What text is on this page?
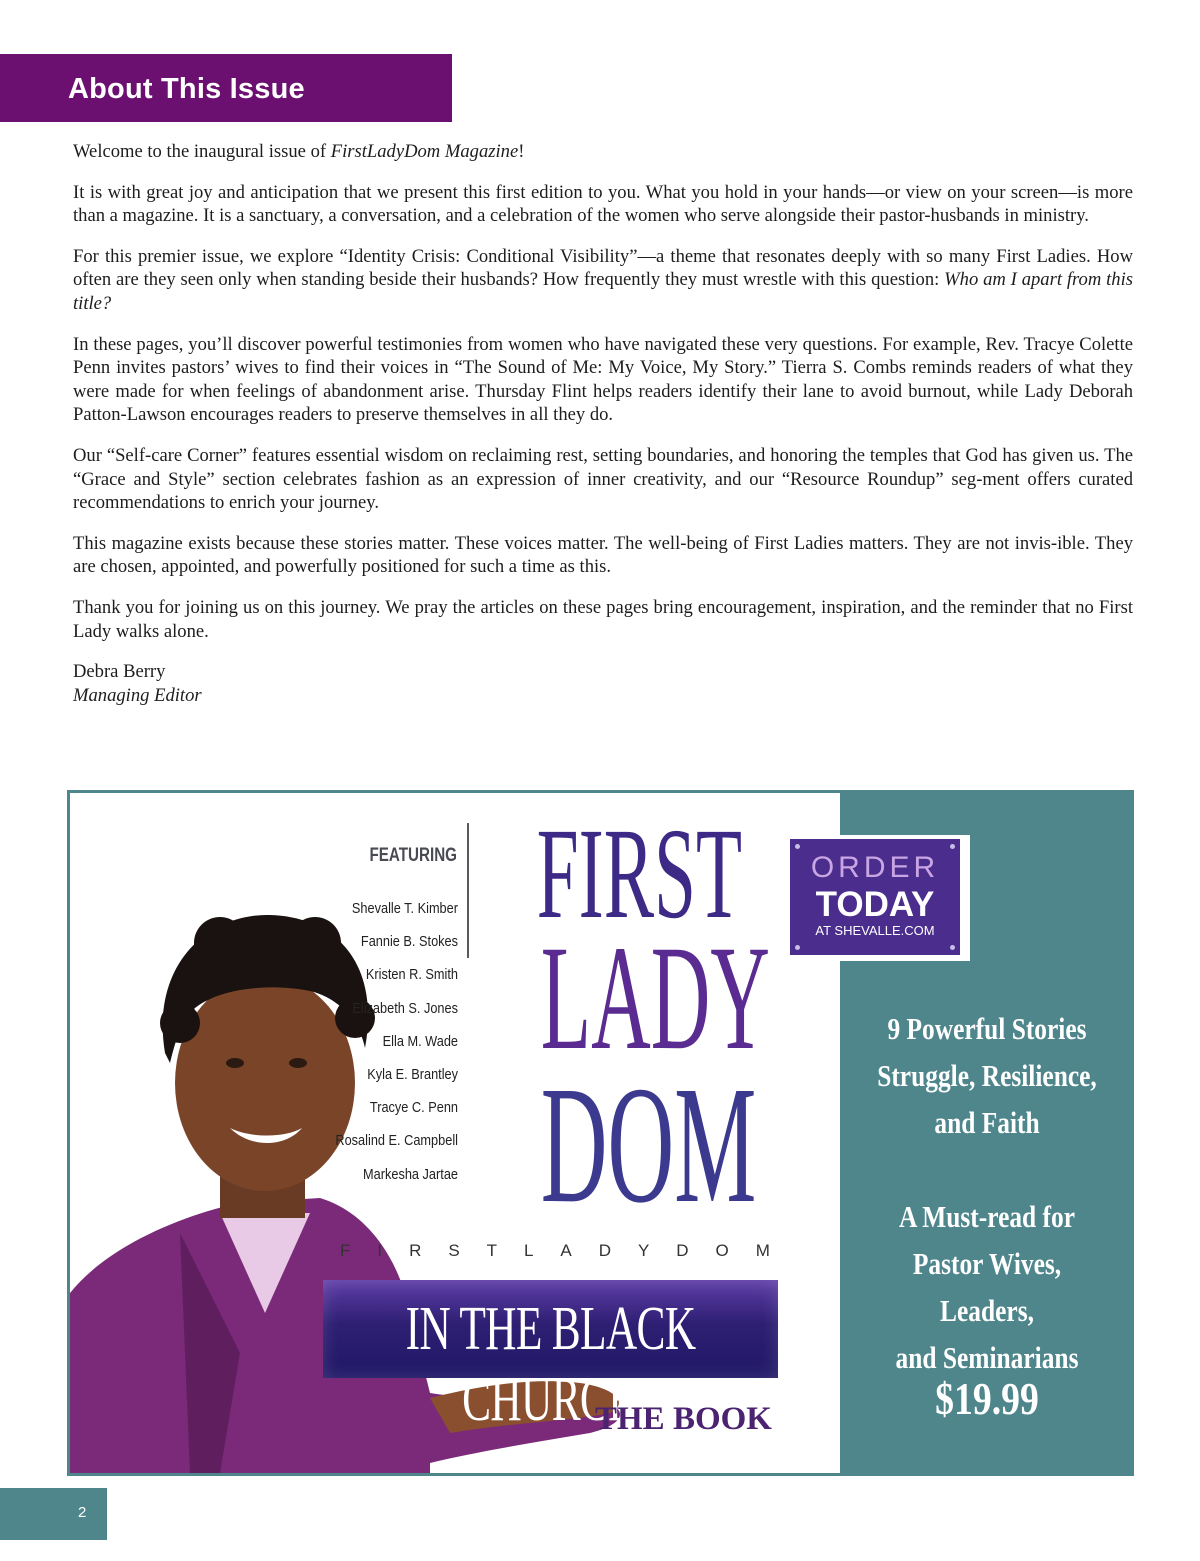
About This Issue

Welcome to the inaugural issue of FirstLadyDom Magazine!

It is with great joy and anticipation that we present this first edition to you. What you hold in your hands—or view on your screen—is more than a magazine. It is a sanctuary, a conversation, and a celebration of the women who serve alongside their pastor-husbands in ministry.

For this premier issue, we explore “Identity Crisis: Conditional Visibility”—a theme that resonates deeply with so many First Ladies. How often are they seen only when standing beside their husbands? How frequently they must wrestle with this question: Who am I apart from this title?

In these pages, you’ll discover powerful testimonies from women who have navigated these very questions. For example, Rev. Tracye Colette Penn invites pastors’ wives to find their voices in “The Sound of Me: My Voice, My Story.” Tierra S. Combs reminds readers of what they were made for when feelings of abandonment arise. Thursday Flint helps readers identify their lane to avoid burnout, while Lady Deborah Patton-Lawson encourages readers to preserve themselves in all they do.

Our “Self-care Corner” features essential wisdom on reclaiming rest, setting boundaries, and honoring the temples that God has given us. The “Grace and Style” section celebrates fashion as an expression of inner creativity, and our “Resource Roundup” seg-ment offers curated recommendations to enrich your journey.

This magazine exists because these stories matter. These voices matter. The well-being of First Ladies matters. They are not invis-ible. They are chosen, appointed, and powerfully positioned for such a time as this.

Thank you for joining us on this journey. We pray the articles on these pages bring encouragement, inspiration, and the reminder that no First Lady walks alone.

Debra Berry
Managing Editor
FEATURING
Shevalle T. Kimber
Fannie B. Stokes
Kristen R. Smith
Elizabeth S. Jones
Ella M. Wade
Kyla E. Brantley
Tracye C. Penn
Rosalind E. Campbell
Markesha Jartae
FIRST
LADY
DOM
F I R S T L A D Y D O M
IN THE BLACK CHURCH
THE BOOK
ORDER
TODAY
AT SHEVALLE.COM
9 Powerful Stories
Struggle, Resilience,
and Faith
A Must-read for
Pastor Wives, Leaders,
and Seminarians
$19.99
2
